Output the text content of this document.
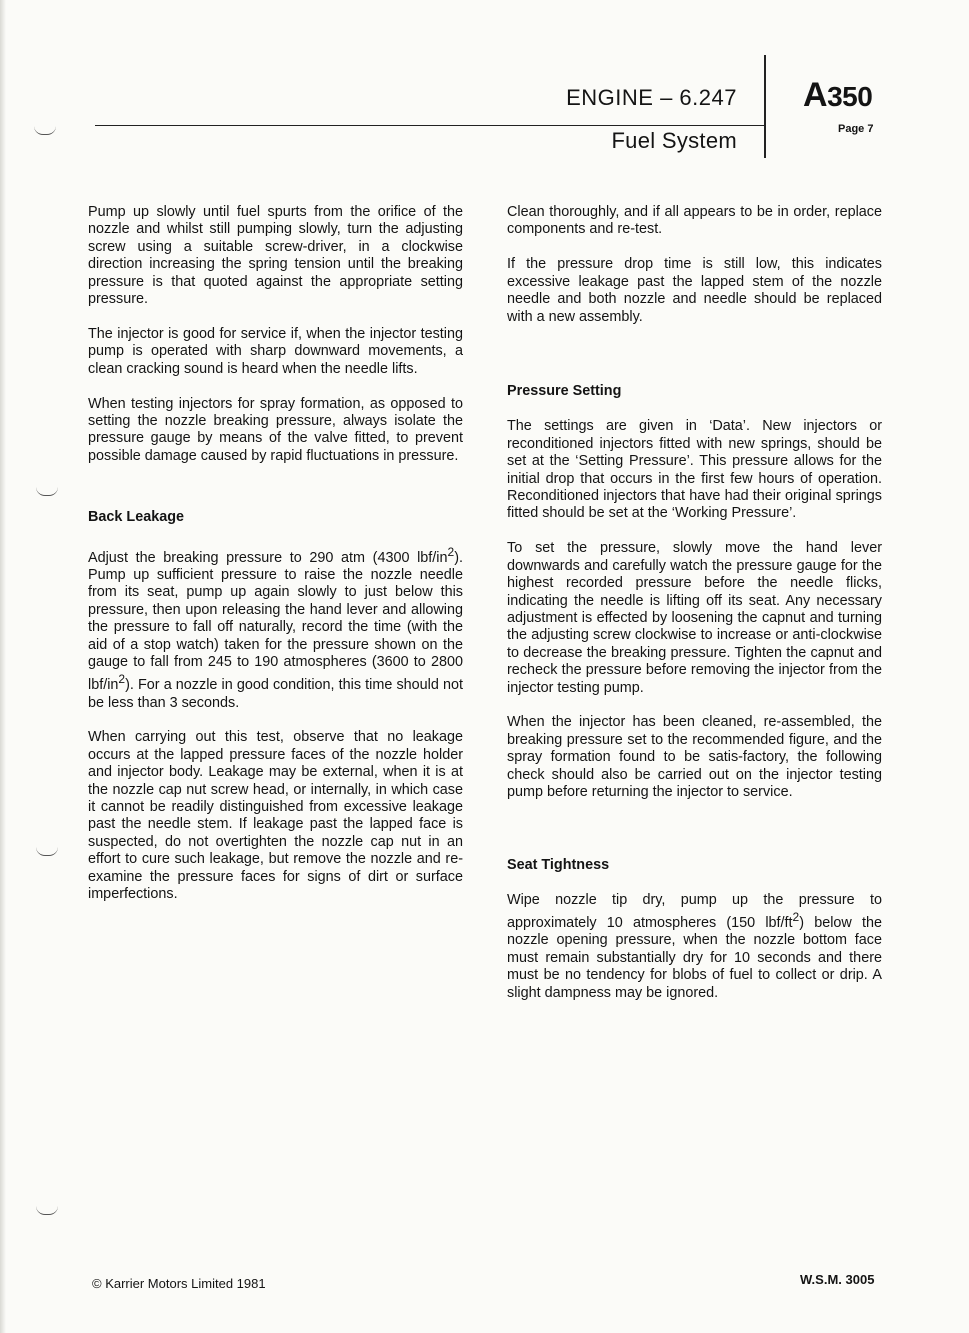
ENGINE – 6.247
Fuel System
A350
Page 7

Pump up slowly until fuel spurts from the orifice of the nozzle and whilst still pumping slowly, turn the adjusting screw using a suitable screw-driver, in a clockwise direction increasing the spring tension until the breaking pressure is that quoted against the appropriate setting pressure.

The injector is good for service if, when the injector testing pump is operated with sharp downward movements, a clean cracking sound is heard when the needle lifts.

When testing injectors for spray formation, as opposed to setting the nozzle breaking pressure, always isolate the pressure gauge by means of the valve fitted, to prevent possible damage caused by rapid fluctuations in pressure.

Back Leakage

Adjust the breaking pressure to 290 atm (4300 lbf/$in^2$). Pump up sufficient pressure to raise the nozzle needle from its seat, pump up again slowly to just below this pressure, then upon releasing the hand lever and allowing the pressure to fall off naturally, record the time (with the aid of a stop watch) taken for the pressure shown on the gauge to fall from 245 to 190 atmospheres (3600 to 2800 lbf/$in^2$). For a nozzle in good condition, this time should not be less than 3 seconds.

When carrying out this test, observe that no leakage occurs at the lapped pressure faces of the nozzle holder and injector body. Leakage may be external, when it is at the nozzle cap nut screw head, or internally, in which case it cannot be readily distinguished from excessive leakage past the needle stem. If leakage past the lapped face is suspected, do not overtighten the nozzle cap nut in an effort to cure such leakage, but remove the nozzle and re-examine the pressure faces for signs of dirt or surface imperfections.

Clean thoroughly, and if all appears to be in order, replace components and re-test.

If the pressure drop time is still low, this indicates excessive leakage past the lapped stem of the nozzle needle and both nozzle and needle should be replaced with a new assembly.

Pressure Setting

The settings are given in ‘Data’. New injectors or reconditioned injectors fitted with new springs, should be set at the ‘Setting Pressure’. This pressure allows for the initial drop that occurs in the first few hours of operation. Reconditioned injectors that have had their original springs fitted should be set at the ‘Working Pressure’.

To set the pressure, slowly move the hand lever downwards and carefully watch the pressure gauge for the highest recorded pressure before the needle flicks, indicating the needle is lifting off its seat. Any necessary adjustment is effected by loosening the capnut and turning the adjusting screw clockwise to increase or anti-clockwise to decrease the breaking pressure. Tighten the capnut and recheck the pressure before removing the injector from the injector testing pump.

When the injector has been cleaned, re-assembled, the breaking pressure set to the recommended figure, and the spray formation found to be satis-factory, the following check should also be carried out on the injector testing pump before returning the injector to service.

Seat Tightness

Wipe nozzle tip dry, pump up the pressure to approximately 10 atmospheres (150 lbf/$ft^2$) below the nozzle opening pressure, when the nozzle bottom face must remain substantially dry for 10 seconds and there must be no tendency for blobs of fuel to collect or drip. A slight dampness may be ignored.

© Karrier Motors Limited 1981	W.S.M. 3005
